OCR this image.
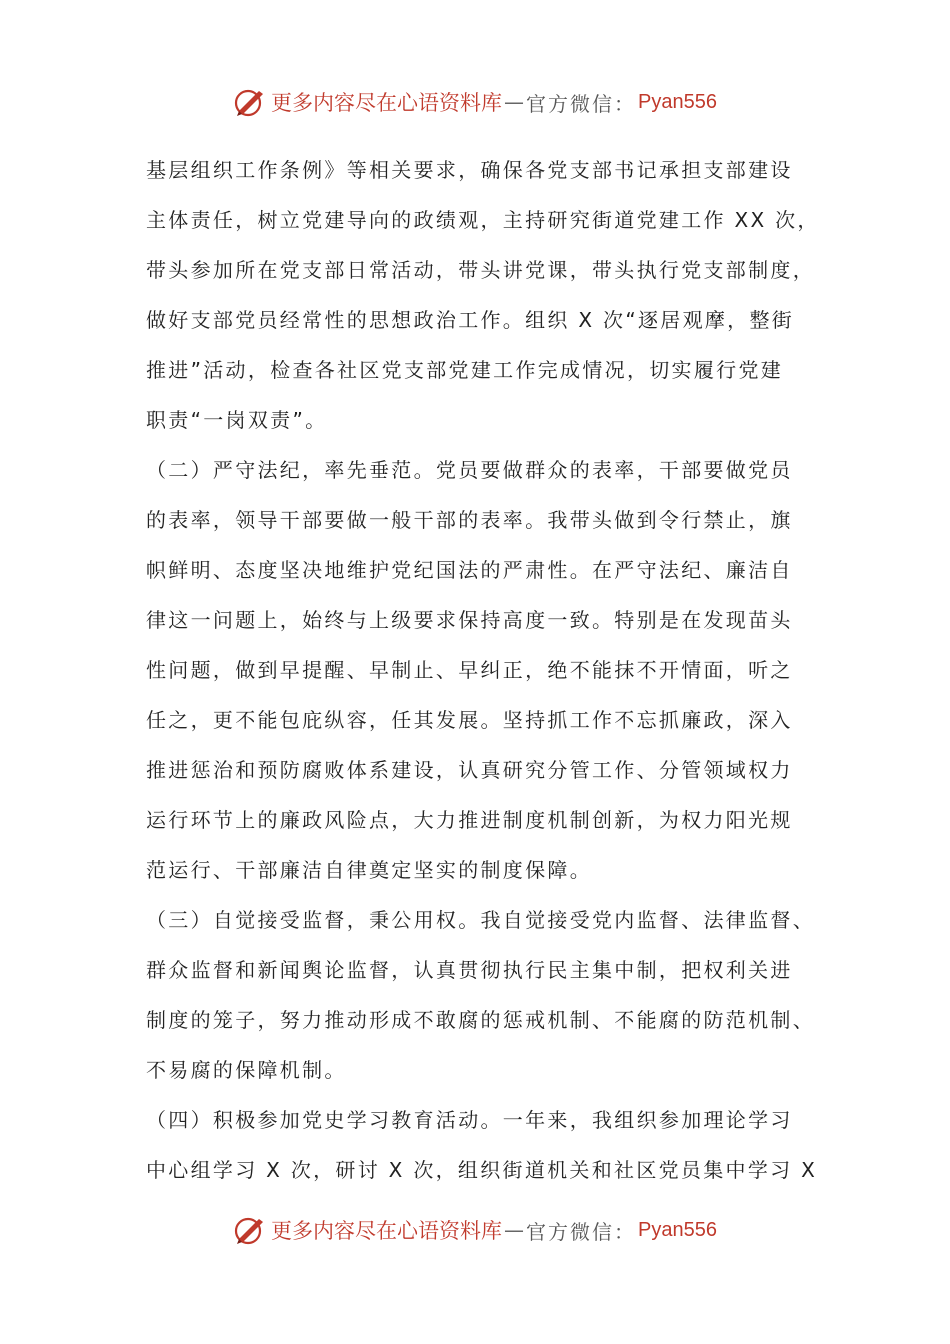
更多内容尽在心语资料库 — 官方微信： Pyan556
基层组织工作条例》等相关要求，确保各党支部书记承担支部建设
主体责任，树立党建导向的政绩观，主持研究街道党建工作 XX 次，
带头参加所在党支部日常活动，带头讲党课，带头执行党支部制度，
做好支部党员经常性的思想政治工作。组织 X 次“逐居观摩，整街
推进”活动，检查各社区党支部党建工作完成情况，切实履行党建
职责“一岗双责”。
（二）严守法纪，率先垂范。党员要做群众的表率，干部要做党员
的表率，领导干部要做一般干部的表率。我带头做到令行禁止，旗
帜鲜明、态度坚决地维护党纪国法的严肃性。在严守法纪、廉洁自
律这一问题上，始终与上级要求保持高度一致。特别是在发现苗头
性问题，做到早提醒、早制止、早纠正，绝不能抹不开情面，听之
任之，更不能包庇纵容，任其发展。坚持抓工作不忘抓廉政，深入
推进惩治和预防腐败体系建设，认真研究分管工作、分管领域权力
运行环节上的廉政风险点，大力推进制度机制创新，为权力阳光规
范运行、干部廉洁自律奠定坚实的制度保障。
（三）自觉接受监督，秉公用权。我自觉接受党内监督、法律监督、
群众监督和新闻舆论监督，认真贯彻执行民主集中制，把权利关进
制度的笼子，努力推动形成不敢腐的惩戒机制、不能腐的防范机制、
不易腐的保障机制。
（四）积极参加党史学习教育活动。一年来，我组织参加理论学习
中心组学习 X 次，研讨 X 次，组织街道机关和社区党员集中学习 X
更多内容尽在心语资料库 — 官方微信： Pyan556
